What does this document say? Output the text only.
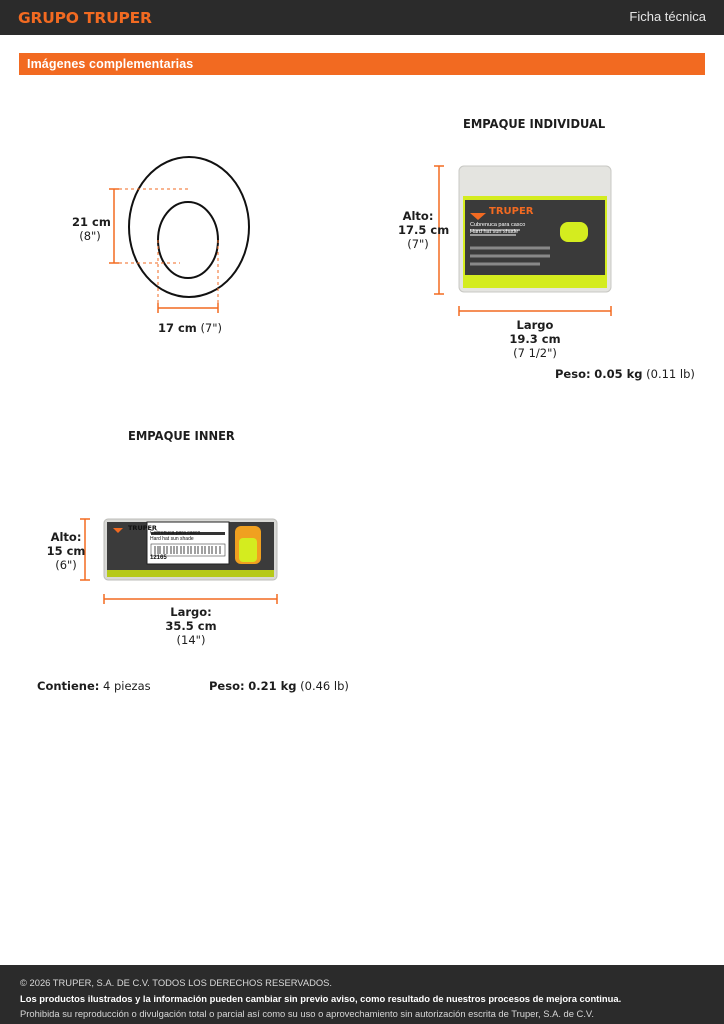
GRUPO TRUPER	Ficha técnica
Imágenes complementarias
21 cm
(8")
17 cm (7")
EMPAQUE INDIVIDUAL
TRUPER
Cubrenuca para casco
Hard hat sun shade
Alto:
17.5 cm
(7")
Largo
19.3 cm
(7 1/2")
Peso: 0.05 kg (0.11 lb)
EMPAQUE INNER
TRUPER
Cubrenuca para casco
Hard hat sun shade
12165
Alto:
15 cm
(6")
Largo:
35.5 cm
(14")
Contiene: 4 piezas	Peso: 0.21 kg (0.46 lb)
© 2026 TRUPER, S.A. DE C.V. TODOS LOS DERECHOS RESERVADOS.
Los productos ilustrados y la información pueden cambiar sin previo aviso, como resultado de nuestros procesos de mejora continua.
Prohibida su reproducción o divulgación total o parcial así como su uso o aprovechamiento sin autorización escrita de Truper, S.A. de C.V.
